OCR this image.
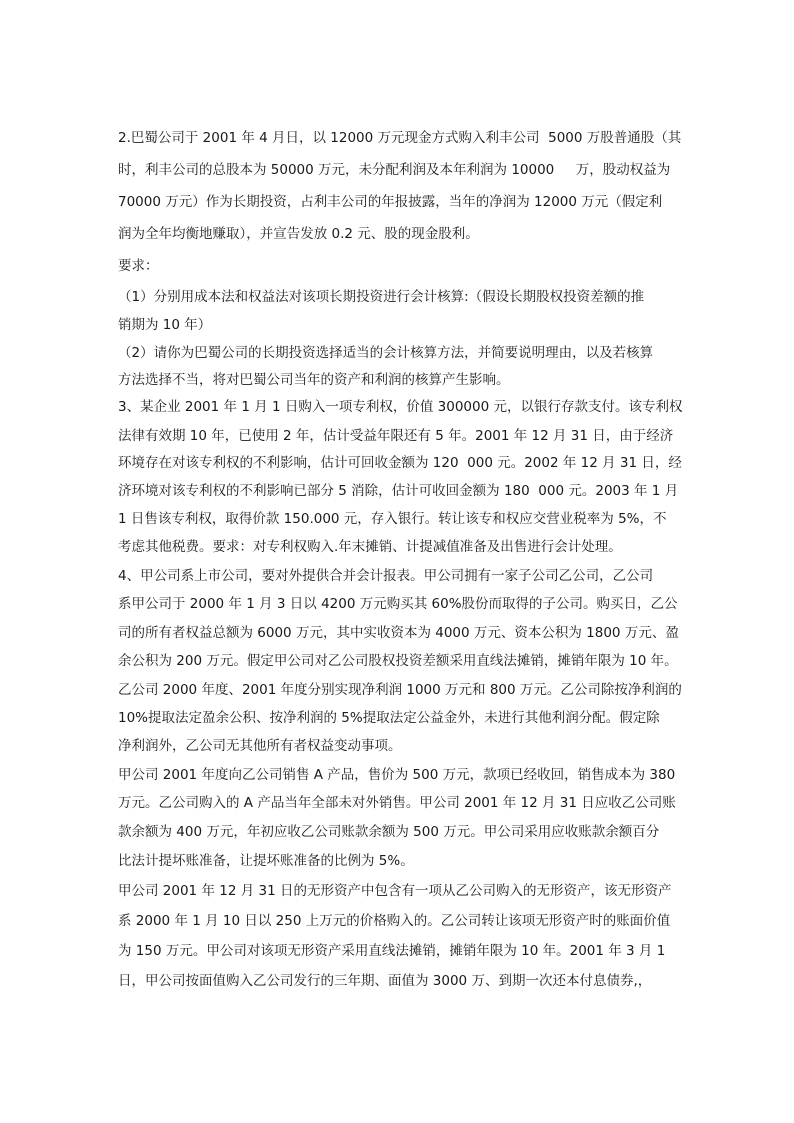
2.巴蜀公司于 2001 年 4 月日，以 12000 万元现金方式购入利丰公司  5000 万股普通股（其
时，利丰公司的总股本为 50000 万元，未分配利润及本年利润为 10000     万，股动权益为
70000 万元）作为长期投资，占利丰公司的年报披露，当年的净润为 12000 万元（假定利
润为全年均衡地赚取），并宣告发放 0.2 元、股的现金股利。
要求：
（1）分别用成本法和权益法对该项长期投资进行会计核算:（假设长期股权投资差额的推
销期为 10 年）
（2）请你为巴蜀公司的长期投资选择适当的会计核算方法，并简要说明理由，以及若核算
方法选择不当，将对巴蜀公司当年的资产和利润的核算产生影响。
3、某企业 2001 年 1 月 1 日购入一项专利权，价值 300000 元，以银行存款支付。该专利权
法律有效期 10 年，已使用 2 年，估计受益年限还有 5 年。2001 年 12 月 31 日，由于经济
环境存在对该专利权的不利影响，估计可回收金额为 120  000 元。2002 年 12 月 31 日，经
济环境对该专利权的不利影响已部分 5 消除，估计可收回金额为 180  000 元。2003 年 1 月
1 日售该专利权，取得价款 150.000 元，存入银行。转让该专和权应交营业税率为 5%，不
考虑其他税费。要求：对专利权购入.年末摊销、计提减值准备及出售进行会计处理。
4、甲公司系上市公司，要对外提供合并会计报表。甲公司拥有一家子公司乙公司，乙公司
系甲公司于 2000 年 1 月 3 日以 4200 万元购买其 60%股份而取得的子公司。购买日，乙公
司的所有者权益总额为 6000 万元，其中实收资本为 4000 万元、资本公积为 1800 万元、盈
余公积为 200 万元。假定甲公司对乙公司股权投资差额采用直线法摊销，摊销年限为 10 年。
乙公司 2000 年度、2001 年度分别实现净利润 1000 万元和 800 万元。乙公司除按净利润的
10%提取法定盈余公积、按净利润的 5%提取法定公益金外，未进行其他利润分配。假定除
净利润外，乙公司无其他所有者权益变动事项。
甲公司 2001 年度向乙公司销售 A 产品，售价为 500 万元，款项已经收回，销售成本为 380
万元。乙公司购入的 A 产品当年全部未对外销售。甲公司 2001 年 12 月 31 日应收乙公司账
款余额为 400 万元，年初应收乙公司账款余额为 500 万元。甲公司采用应收账款余额百分
比法计提坏账准备，让提坏账准备的比例为 5%。
甲公司 2001 年 12 月 31 日的无形资产中包含有一项从乙公司购入的无形资产，该无形资产
系 2000 年 1 月 10 日以 250 上万元的价格购入的。乙公司转让该项无形资产时的账面价值
为 150 万元。甲公司对该项无形资产采用直线法摊销，摊销年限为 10 年。2001 年 3 月 1
日，甲公司按面值购入乙公司发行的三年期、面值为 3000 万、到期一次还本付息债券,，
